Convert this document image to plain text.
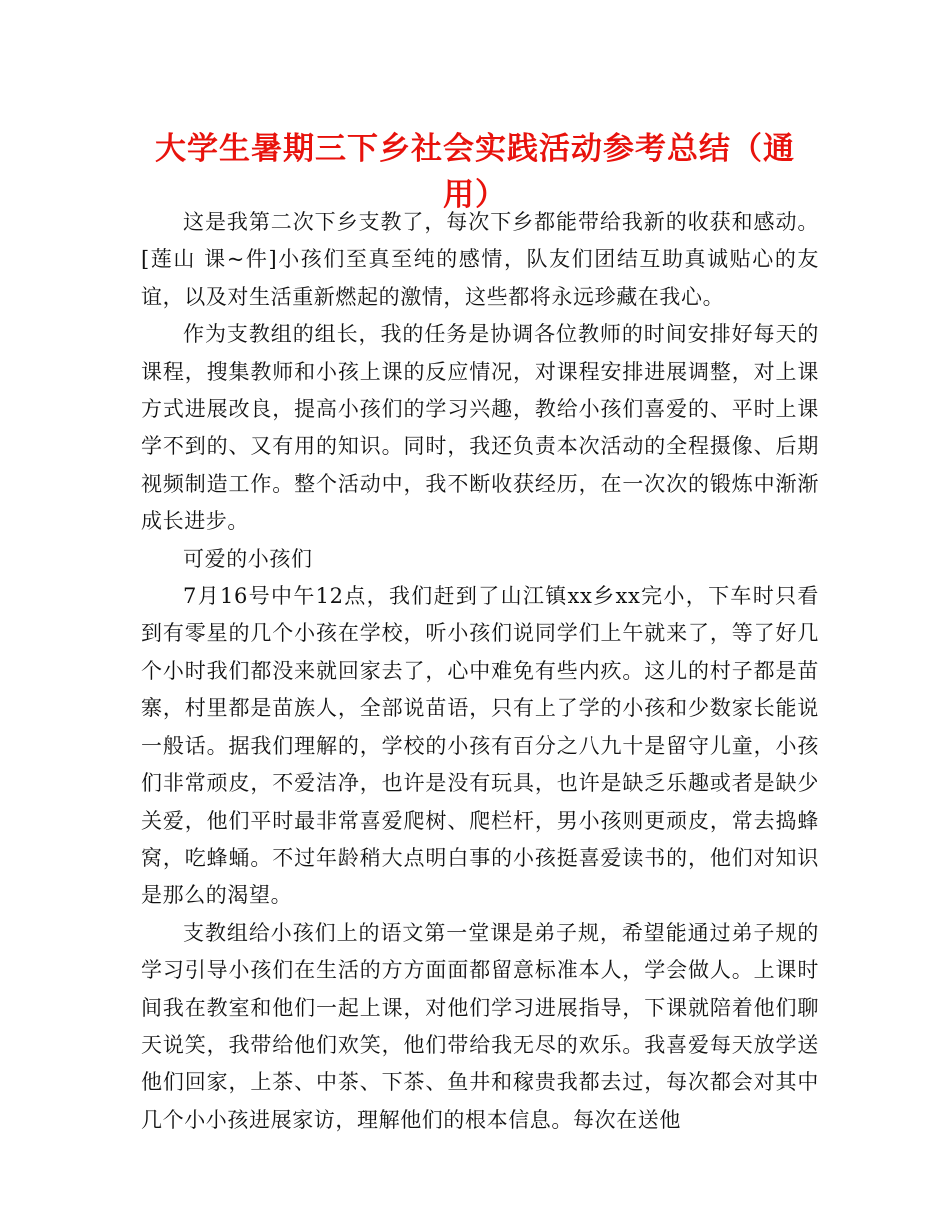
大学生暑期三下乡社会实践活动参考总结（通用）

这是我第二次下乡支教了，每次下乡都能带给我新的收获和感动。[莲山 课~件]小孩们至真至纯的感情，队友们团结互助真诚贴心的友谊，以及对生活重新燃起的激情，这些都将永远珍藏在我心。

作为支教组的组长，我的任务是协调各位教师的时间安排好每天的课程，搜集教师和小孩上课的反应情况，对课程安排进展调整，对上课方式进展改良，提高小孩们的学习兴趣，教给小孩们喜爱的、平时上课学不到的、又有用的知识。同时，我还负责本次活动的全程摄像、后期视频制造工作。整个活动中，我不断收获经历，在一次次的锻炼中渐渐成长进步。

可爱的小孩们

7月16号中午12点，我们赶到了山江镇xx乡xx完小，下车时只看到有零星的几个小孩在学校，听小孩们说同学们上午就来了，等了好几个小时我们都没来就回家去了，心中难免有些内疚。这儿的村子都是苗寨，村里都是苗族人，全部说苗语，只有上了学的小孩和少数家长能说一般话。据我们理解的，学校的小孩有百分之八九十是留守儿童，小孩们非常顽皮，不爱洁净，也许是没有玩具，也许是缺乏乐趣或者是缺少关爱，他们平时最非常喜爱爬树、爬栏杆，男小孩则更顽皮，常去捣蜂窝，吃蜂蛹。不过年龄稍大点明白事的小孩挺喜爱读书的，他们对知识是那么的渴望。

支教组给小孩们上的语文第一堂课是弟子规，希望能通过弟子规的学习引导小孩们在生活的方方面面都留意标准本人，学会做人。上课时间我在教室和他们一起上课，对他们学习进展指导，下课就陪着他们聊天说笑，我带给他们欢笑，他们带给我无尽的欢乐。我喜爱每天放学送他们回家，上茶、中茶、下茶、鱼井和稼贵我都去过，每次都会对其中几个小小孩进展家访，理解他们的根本信息。每次在送他
